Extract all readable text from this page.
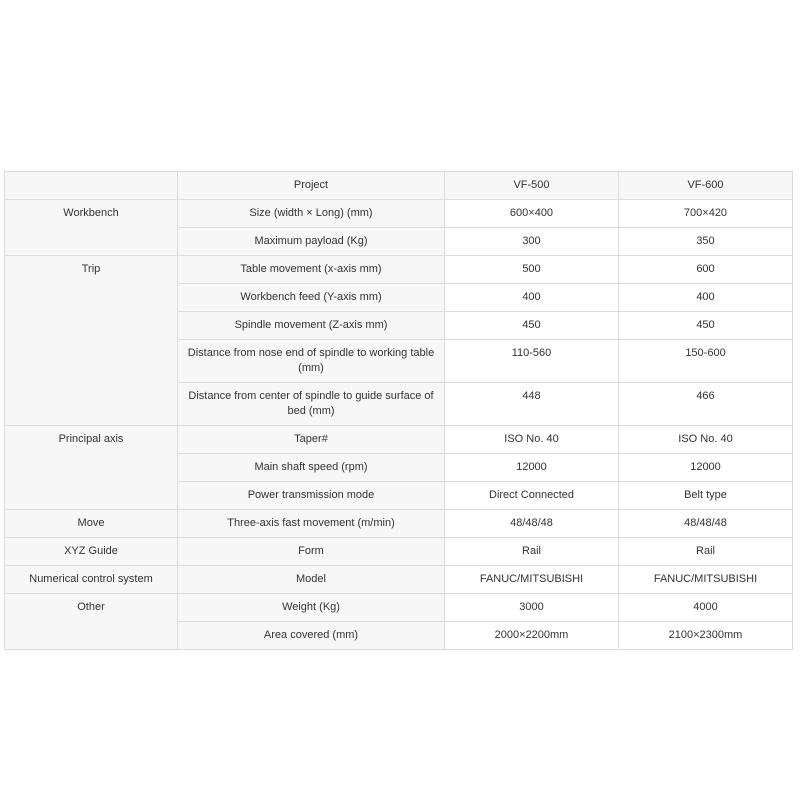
	Project	VF-500	VF-600
Workbench	Size (width × Long) (mm)	600×400	700×420
	Maximum payload (Kg)	300	350
Trip	Table movement (x-axis mm)	500	600
	Workbench feed (Y-axis mm)	400	400
	Spindle movement (Z-axis mm)	450	450
	Distance from nose end of spindle to working table (mm)	110-560	150-600
	Distance from center of spindle to guide surface of bed (mm)	448	466
Principal axis	Taper#	ISO No. 40	ISO No. 40
	Main shaft speed (rpm)	12000	12000
	Power transmission mode	Direct Connected	Belt type
Move	Three-axis fast movement (m/min)	48/48/48	48/48/48
XYZ Guide	Form	Rail	Rail
Numerical control system	Model	FANUC/MITSUBISHI	FANUC/MITSUBISHI
Other	Weight (Kg)	3000	4000
	Area covered (mm)	2000×2200mm	2100×2300mm
